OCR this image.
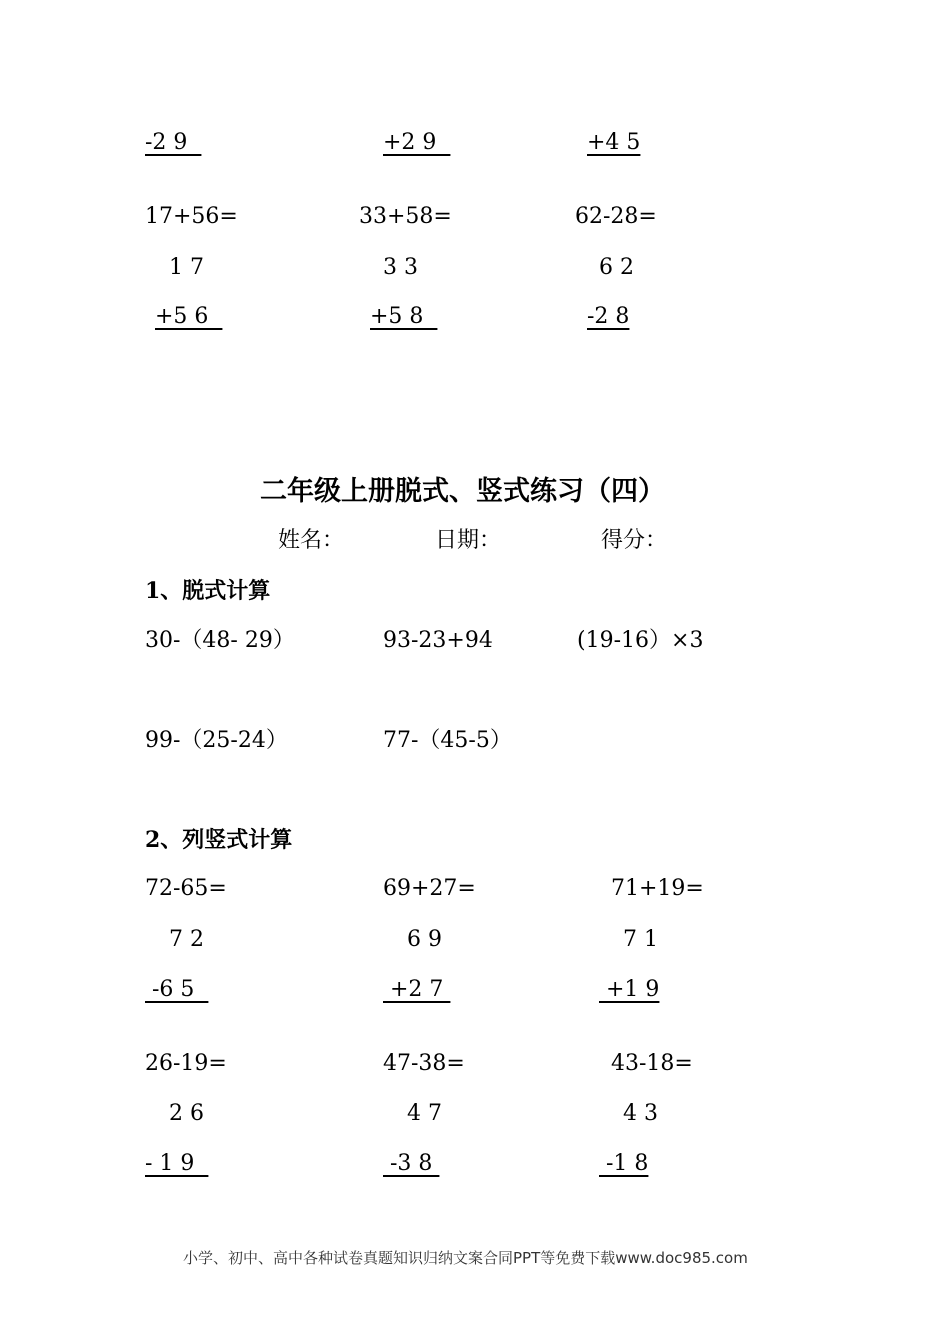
-2 9	+2 9	+4 5
17+56=	33+58=	62-28=
1 7	3 3	6 2
+5 6	+5 8	-2 8
二年级上册脱式、竖式练习（四）
姓名：	日期：	得分：
1、脱式计算
30-（48- 29）	93-23+94	(19-16）×3
99-（25-24）	77-（45-5）
2、列竖式计算
72-65=	69+27=	71+19=
7 2	6 9	7 1
-6 5	+2 7	+1 9
26-19=	47-38=	43-18=
2 6	4 7	4 3
- 1 9	-3 8	-1 8
小学、初中、高中各种试卷真题知识归纳文案合同PPT等免费下载www.doc985.com
